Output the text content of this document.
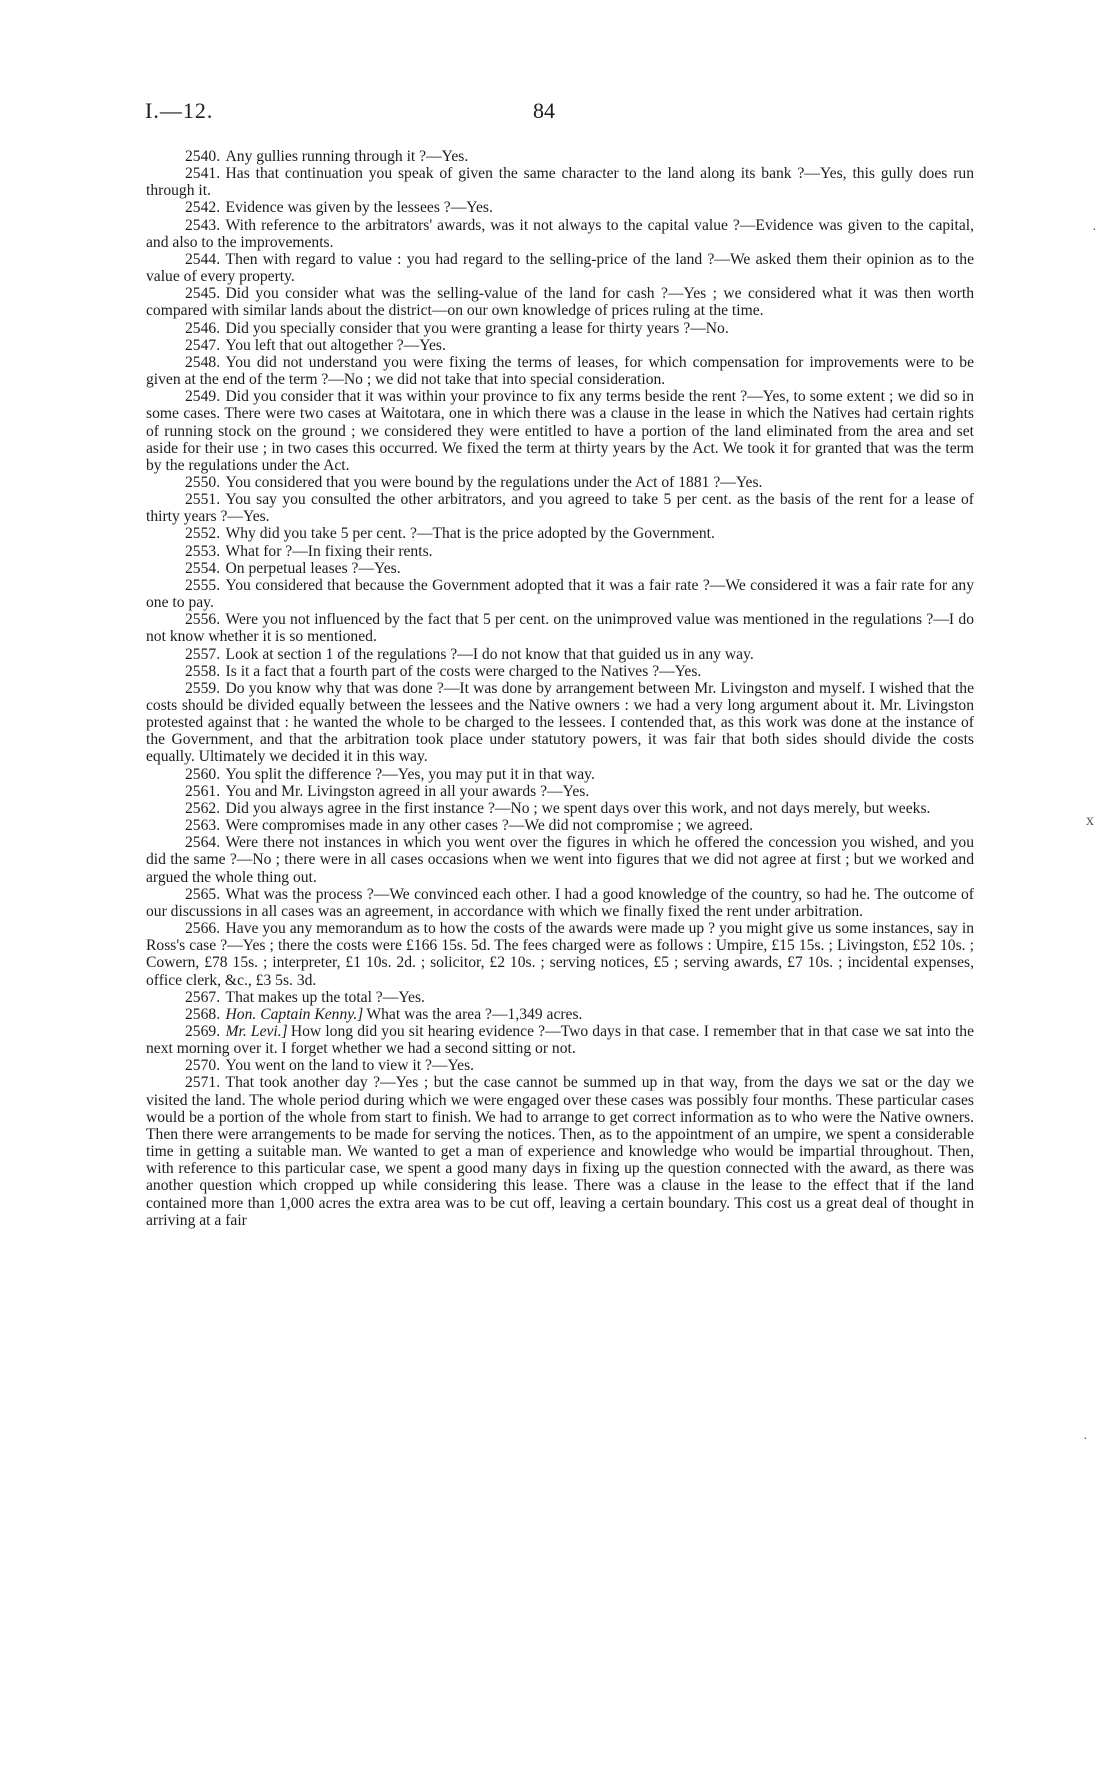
I.—12.	84

2540. Any gullies running through it ?—Yes.

2541. Has that continuation you speak of given the same character to the land along its bank ?—Yes, this gully does run through it.

2542. Evidence was given by the lessees ?—Yes.

2543. With reference to the arbitrators' awards, was it not always to the capital value ?—Evidence was given to the capital, and also to the improvements.

2544. Then with regard to value : you had regard to the selling-price of the land ?—We asked them their opinion as to the value of every property.

2545. Did you consider what was the selling-value of the land for cash ?—Yes ; we considered what it was then worth compared with similar lands about the district—on our own knowledge of prices ruling at the time.

2546. Did you specially consider that you were granting a lease for thirty years ?—No.

2547. You left that out altogether ?—Yes.

2548. You did not understand you were fixing the terms of leases, for which compensation for improvements were to be given at the end of the term ?—No ; we did not take that into special consideration.

2549. Did you consider that it was within your province to fix any terms beside the rent ?—Yes, to some extent ; we did so in some cases. There were two cases at Waitotara, one in which there was a clause in the lease in which the Natives had certain rights of running stock on the ground ; we considered they were entitled to have a portion of the land eliminated from the area and set aside for their use ; in two cases this occurred. We fixed the term at thirty years by the Act. We took it for granted that was the term by the regulations under the Act.

2550. You considered that you were bound by the regulations under the Act of 1881 ?—Yes.

2551. You say you consulted the other arbitrators, and you agreed to take 5 per cent. as the basis of the rent for a lease of thirty years ?—Yes.

2552. Why did you take 5 per cent. ?—That is the price adopted by the Government.

2553. What for ?—In fixing their rents.

2554. On perpetual leases ?—Yes.

2555. You considered that because the Government adopted that it was a fair rate ?—We considered it was a fair rate for any one to pay.

2556. Were you not influenced by the fact that 5 per cent. on the unimproved value was mentioned in the regulations ?—I do not know whether it is so mentioned.

2557. Look at section 1 of the regulations ?—I do not know that that guided us in any way.

2558. Is it a fact that a fourth part of the costs were charged to the Natives ?—Yes.

2559. Do you know why that was done ?—It was done by arrangement between Mr. Livingston and myself. I wished that the costs should be divided equally between the lessees and the Native owners : we had a very long argument about it. Mr. Livingston protested against that : he wanted the whole to be charged to the lessees. I contended that, as this work was done at the instance of the Government, and that the arbitration took place under statutory powers, it was fair that both sides should divide the costs equally. Ultimately we decided it in this way.

2560. You split the difference ?—Yes, you may put it in that way.

2561. You and Mr. Livingston agreed in all your awards ?—Yes.

2562. Did you always agree in the first instance ?—No ; we spent days over this work, and not days merely, but weeks.

2563. Were compromises made in any other cases ?—We did not compromise ; we agreed.

2564. Were there not instances in which you went over the figures in which he offered the concession you wished, and you did the same ?—No ; there were in all cases occasions when we went into figures that we did not agree at first ; but we worked and argued the whole thing out.

2565. What was the process ?—We convinced each other. I had a good knowledge of the country, so had he. The outcome of our discussions in all cases was an agreement, in accordance with which we finally fixed the rent under arbitration.

2566. Have you any memorandum as to how the costs of the awards were made up ? you might give us some instances, say in Ross's case ?—Yes ; there the costs were £166 15s. 5d. The fees charged were as follows : Umpire, £15 15s. ; Livingston, £52 10s. ; Cowern, £78 15s. ; interpreter, £1 10s. 2d. ; solicitor, £2 10s. ; serving notices, £5 ; serving awards, £7 10s. ; incidental expenses, office clerk, &c., £3 5s. 3d.

2567. That makes up the total ?—Yes.

2568. Hon. Captain Kenny.] What was the area ?—1,349 acres.

2569. Mr. Levi.] How long did you sit hearing evidence ?—Two days in that case. I remember that in that case we sat into the next morning over it. I forget whether we had a second sitting or not.

2570. You went on the land to view it ?—Yes.

2571. That took another day ?—Yes ; but the case cannot be summed up in that way, from the days we sat or the day we visited the land. The whole period during which we were engaged over these cases was possibly four months. These particular cases would be a portion of the whole from start to finish. We had to arrange to get correct information as to who were the Native owners. Then there were arrangements to be made for serving the notices. Then, as to the appointment of an umpire, we spent a considerable time in getting a suitable man. We wanted to get a man of experience and knowledge who would be impartial throughout. Then, with reference to this particular case, we spent a good many days in fixing up the question connected with the award, as there was another question which cropped up while considering this lease. There was a clause in the lease to the effect that if the land contained more than 1,000 acres the extra area was to be cut off, leaving a certain boundary. This cost us a great deal of thought in arriving at a fair

·
x
·
